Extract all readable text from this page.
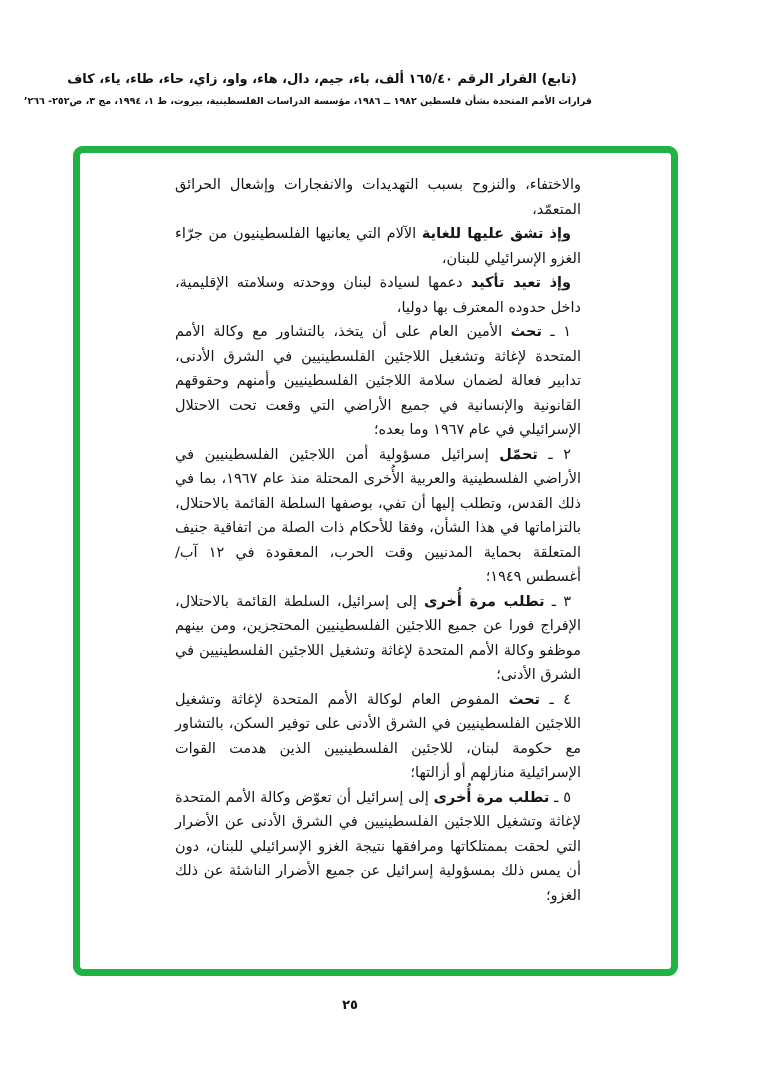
(تابع) القرار الرقم ١٦٥/٤٠ ألف، باء، جيم، دال، هاء، واو، زاي، حاء، طاء، ياء، كاف
قرارات الأمم المتحدة بشأن فلسطين ١٩٨٢ ــ ١٩٨٦، مؤسسة الدراسات الفلسطينية، بيروت، ط ١، ١٩٩٤، مج ٣، ص٢٥٢- ٢٦٦’

والاختفاء، والنزوح بسبب التهديدات والانفجارات وإشعال الحرائق المتعمّد،

وإذ تشق عليها للغاية الآلام التي يعانيها الفلسطينيون من جرّاء الغزو الإسرائيلي للبنان،

وإذ تعيد تأكيد دعمها لسيادة لبنان ووحدته وسلامته الإقليمية، داخل حدوده المعترف بها دوليا،

١ ـ تحث الأمين العام على أن يتخذ، بالتشاور مع وكالة الأمم المتحدة لإغاثة وتشغيل اللاجئين الفلسطينيين في الشرق الأدنى، تدابير فعالة لضمان سلامة اللاجئين الفلسطينيين وأمنهم وحقوقهم القانونية والإنسانية في جميع الأراضي التي وقعت تحت الاحتلال الإسرائيلي في عام ١٩٦٧ وما بعده؛

٢ ـ تحمّل إسرائيل مسؤولية أمن اللاجئين الفلسطينيين في الأراضي الفلسطينية والعربية الأُخرى المحتلة منذ عام ١٩٦٧، بما في ذلك القدس، وتطلب إليها أن تفي، بوصفها السلطة القائمة بالاحتلال، بالتزاماتها في هذا الشأن، وفقا للأحكام ذات الصلة من اتفاقية جنيف المتعلقة بحماية المدنيين وقت الحرب، المعقودة في ١٢ آب/أغسطس ١٩٤٩؛

٣ ـ تطلب مرة أُخرى إلى إسرائيل، السلطة القائمة بالاحتلال، الإفراج فورا عن جميع اللاجئين الفلسطينيين المحتجزين، ومن بينهم موظفو وكالة الأمم المتحدة لإغاثة وتشغيل اللاجئين الفلسطينيين في الشرق الأدنى؛

٤ ـ تحث المفوض العام لوكالة الأمم المتحدة لإغاثة وتشغيل اللاجئين الفلسطينيين في الشرق الأدنى على توفير السكن، بالتشاور مع حكومة لبنان، للاجئين الفلسطينيين الذين هدمت القوات الإسرائيلية منازلهم أو أزالتها؛

٥ ـ تطلب مرة أُخرى إلى إسرائيل أن تعوّض وكالة الأمم المتحدة لإغاثة وتشغيل اللاجئين الفلسطينيين في الشرق الأدنى عن الأضرار التي لحقت بممتلكاتها ومرافقها نتيجة الغزو الإسرائيلي للبنان، دون أن يمس ذلك بمسؤولية إسرائيل عن جميع الأضرار الناشئة عن ذلك الغزو؛

٢٥
